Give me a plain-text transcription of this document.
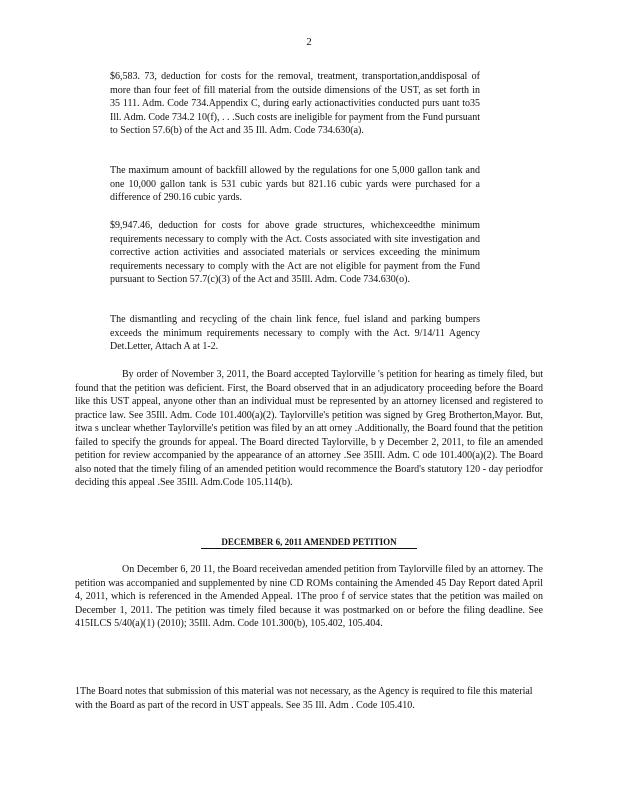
2
$6,583. 73, deduction for costs for the removal, treatment, transportation,anddisposal of more than four feet of fill material from the outside dimensions of the UST, as set forth in 35 111. Adm. Code 734.Appendix C, during early actionactivities conducted purs uant to35 Ill. Adm. Code 734.2 10(f), . . .Such costs are ineligible for payment from the Fund pursuant to Section 57.6(b) of the Act and 35 Ill. Adm. Code 734.630(a).
The maximum amount of backfill allowed by the regulations for one 5,000 gallon tank and one 10,000 gallon tank is 531 cubic yards but 821.16 cubic yards were purchased for a difference of 290.16 cubic yards.
$9,947.46, deduction for costs for above grade structures, whichexceedthe minimum requirements necessary to comply with the Act. Costs associated with site investigation and corrective action activities and associated materials or services exceeding the minimum requirements necessary to comply with the Act are not eligible for payment from the Fund pursuant to Section 57.7(c)(3) of the Act and 35Ill. Adm. Code 734.630(o).
The dismantling and recycling of the chain link fence, fuel island and parking bumpers exceeds the minimum requirements necessary to comply with the Act. 9/14/11 Agency Det.Letter, Attach A at 1-2.
By order of November 3, 2011, the Board accepted Taylorville 's petition for hearing as timely filed, but found that the petition was deficient. First, the Board observed that in an adjudicatory proceeding before the Board like this UST appeal, anyone other than an individual must be represented by an attorney licensed and registered to practice law. See 35Ill. Adm. Code 101.400(a)(2). Taylorville's petition was signed by Greg Brotherton,Mayor. But, itwa s unclear whether Taylorville's petition was filed by an att orney .Additionally, the Board found that the petition failed to specify the grounds for appeal. The Board directed Taylorville, b y December 2, 2011, to file an amended petition for review accompanied by the appearance of an attorney .See 35Ill. Adm. C ode 101.400(a)(2). The Board also noted that the timely filing of an amended petition would recommence the Board's statutory 120 - day periodfor deciding this appeal .See 35Ill. Adm.Code 105.114(b).
DECEMBER 6, 2011 AMENDED PETITION
On December 6, 20 11, the Board receivedan amended petition from Taylorville filed by an attorney. The petition was accompanied and supplemented by nine CD ROMs containing the Amended 45 Day Report dated April 4, 2011, which is referenced in the Amended Appeal. 1The proo f of service states that the petition was mailed on December 1, 2011. The petition was timely filed because it was postmarked on or before the filing deadline. See 415ILCS 5/40(a)(1) (2010); 35Ill. Adm. Code 101.300(b), 105.402, 105.404.
1The Board notes that submission of this material was not necessary, as the Agency is required to file this material with the Board as part of the record in UST appeals. See 35 Ill. Adm . Code 105.410.
